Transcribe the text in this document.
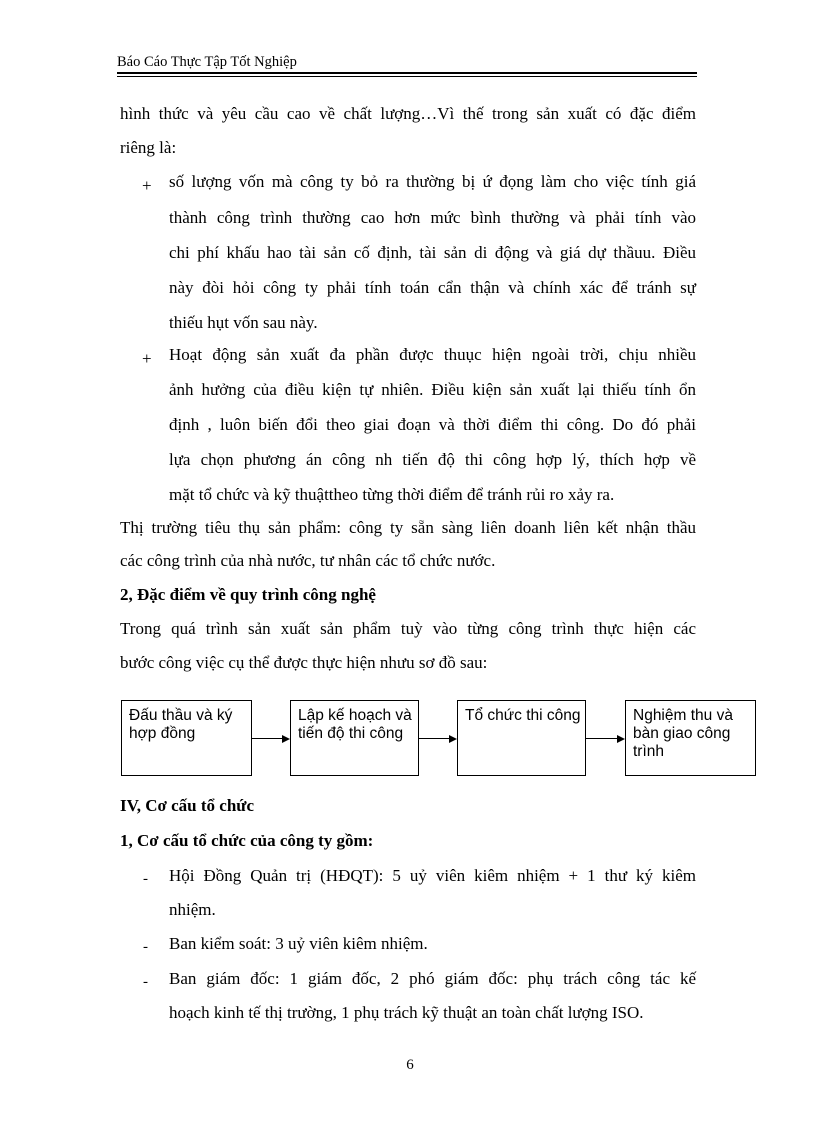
Báo Cáo Thực Tập Tốt Nghiệp
hình thức và yêu cầu cao về chất lượng…Vì thế trong sản xuất có đặc điểm
riêng là:
+ số lượng vốn mà công ty bỏ ra thường bị ứ đọng làm cho việc tính giá
thành công trình thường cao hơn mức bình thường và phải tính vào
chi phí khấu hao tài sản cố định, tài sản di động và giá dự thầuu. Điều
này đòi hỏi công ty phải tính toán cẩn thận và chính xác để tránh sự
thiếu hụt vốn sau này.
+ Hoạt động sản xuất đa phần được thuục hiện ngoài trời, chịu nhiều
ảnh hưởng của điều kiện tự nhiên. Điều kiện sản xuất lại thiếu tính ổn
định , luôn biến đổi theo giai đoạn và thời điểm thi công. Do đó phải
lựa chọn phương án công nh tiến độ thi công hợp lý, thích hợp về
mặt tổ chức và kỹ thuậttheo từng thời điểm để tránh rủi ro xảy ra.
Thị trường tiêu thụ sản phẩm: công ty sẵn sàng liên doanh liên kết nhận thầu
các công trình của nhà nước, tư nhân các tổ chức nước.
2, Đặc điểm về quy trình công nghệ
Trong quá trình sản xuất sản phẩm tuỳ vào từng công trình thực hiện các
bước công việc cụ thể được thực hiện nhưu sơ đồ sau:
Đấu thầu và ký hợp đồng
Lập kế hoạch và tiến độ thi công
Tổ chức thi công	Nghiệm thu và bàn giao công trình
IV, Cơ cấu tổ chức
1, Cơ cấu tổ chức của công ty gồm:
- Hội Đồng Quản trị (HĐQT): 5 uỷ viên kiêm nhiệm + 1 thư ký kiêm
nhiệm.
- Ban kiểm soát: 3 uỷ viên kiêm nhiệm.
- Ban giám đốc: 1 giám đốc, 2 phó giám đốc: phụ trách công tác kế
hoạch kinh tế thị trường, 1 phụ trách kỹ thuật an toàn chất lượng ISO.
6
